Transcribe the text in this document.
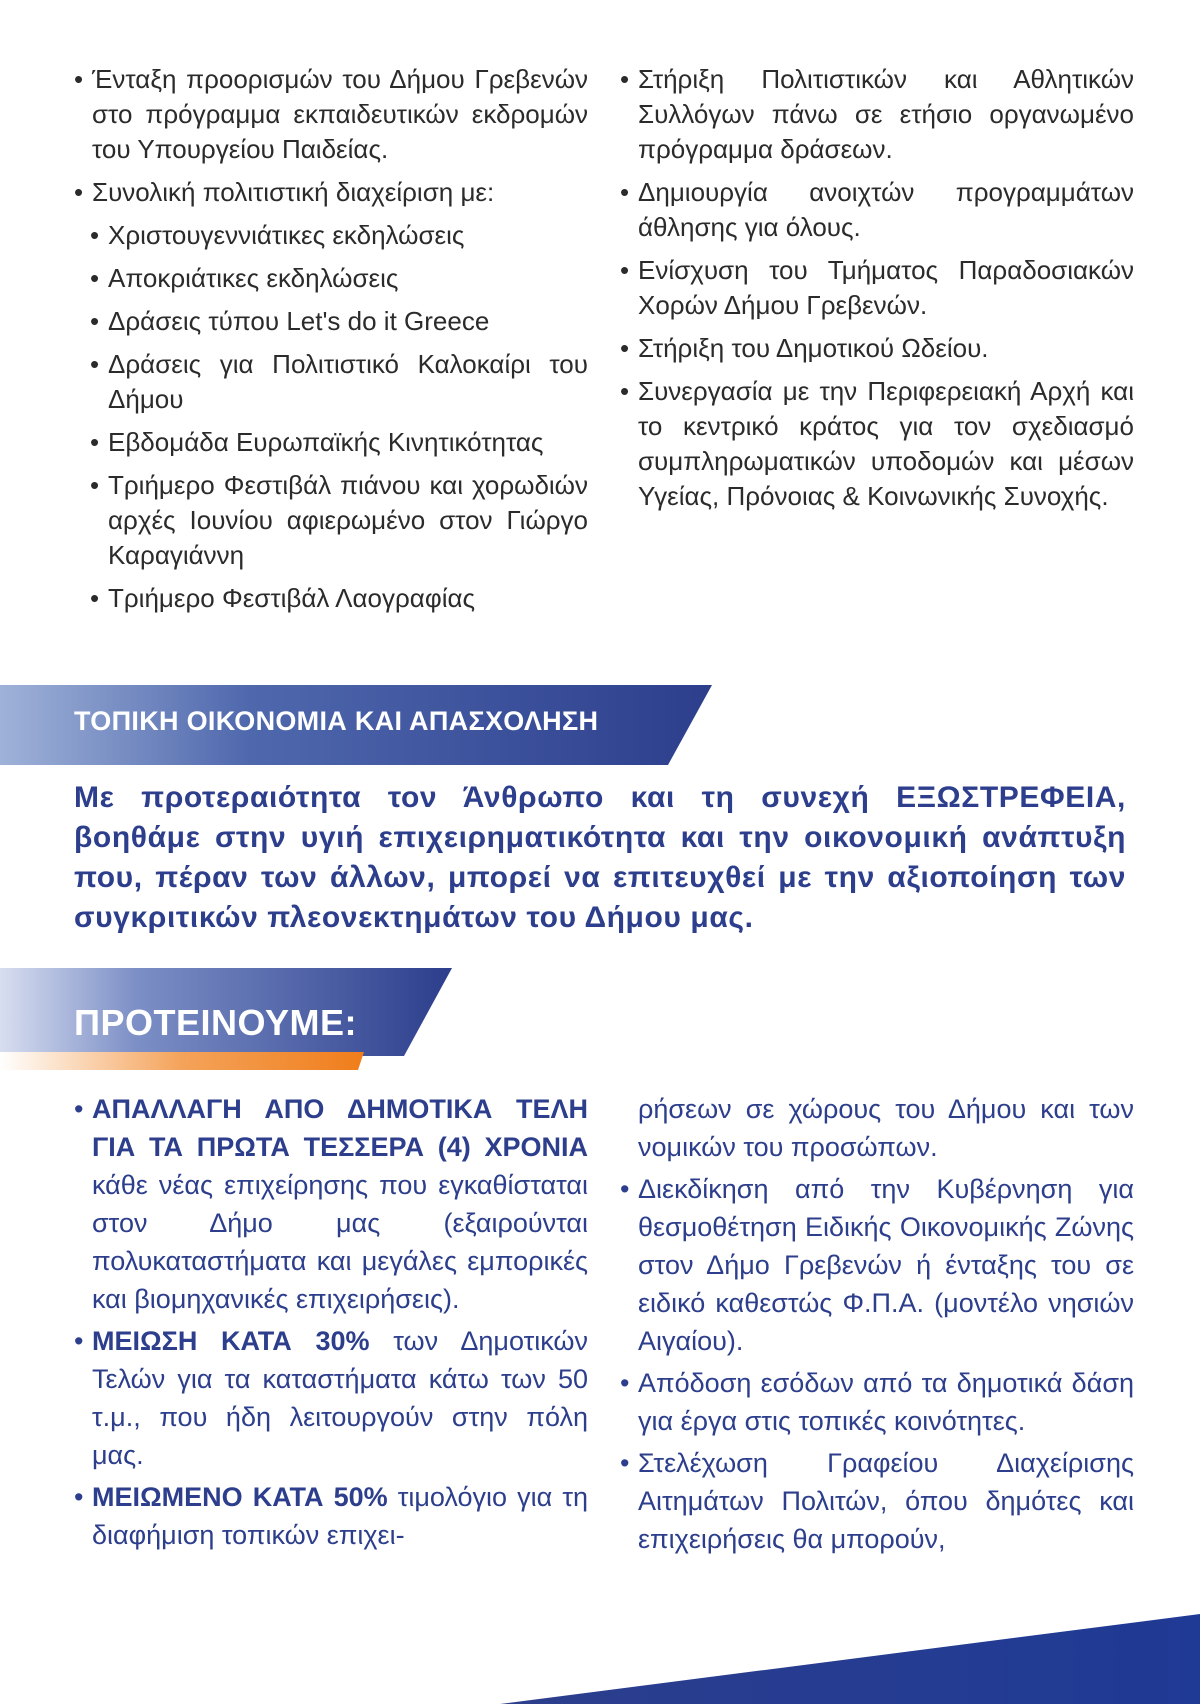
• Ένταξη προορισμών του Δήμου Γρεβενών στο πρόγραμμα εκπαιδευτικών εκδρομών του Υπουργείου Παιδείας.
• Συνολική πολιτιστική διαχείριση με:
• Χριστουγεννιάτικες εκδηλώσεις
• Αποκριάτικες εκδηλώσεις
• Δράσεις τύπου Let's do it Greece
• Δράσεις για Πολιτιστικό Καλοκαίρι του Δήμου
• Εβδομάδα Ευρωπαϊκής Κινητικότητας
• Τριήμερο Φεστιβάλ πιάνου και χορωδιών αρχές Ιουνίου αφιερωμένο στον Γιώργο Καραγιάννη
• Τριήμερο Φεστιβάλ Λαογραφίας
• Στήριξη Πολιτιστικών και Αθλητικών Συλλόγων πάνω σε ετήσιο οργανωμένο πρόγραμμα δράσεων.
• Δημιουργία ανοιχτών προγραμμάτων άθλησης για όλους.
• Ενίσχυση του Τμήματος Παραδοσιακών Χορών Δήμου Γρεβενών.
• Στήριξη του Δημοτικού Ωδείου.
• Συνεργασία με την Περιφερειακή Αρχή και το κεντρικό κράτος για τον σχεδιασμό συμπληρωματικών υποδομών και μέσων Υγείας, Πρόνοιας & Κοινωνικής Συνοχής.
ΤΟΠΙΚΗ ΟΙΚΟΝΟΜΙΑ ΚΑΙ ΑΠΑΣΧΟΛΗΣΗ
Με προτεραιότητα τον Άνθρωπο και τη συνεχή ΕΞΩΣΤΡΕΦΕΙΑ, βοηθάμε στην υγιή επιχειρηματικότητα και την οικονομική ανάπτυξη που, πέραν των άλλων, μπορεί να επιτευχθεί με την αξιοποίηση των συγκριτικών πλεονεκτημάτων του Δήμου μας.
ΠΡΟΤΕΙΝΟΥΜΕ:
• ΑΠΑΛΛΑΓΗ ΑΠΟ ΔΗΜΟΤΙΚΑ ΤΕΛΗ ΓΙΑ ΤΑ ΠΡΩΤΑ ΤΕΣΣΕΡΑ (4) ΧΡΟΝΙΑ κάθε νέας επιχείρησης που εγκαθίσταται στον Δήμο μας (εξαιρούνται πολυκαταστήματα και μεγάλες εμπορικές και βιομηχανικές επιχειρήσεις).
• ΜΕΙΩΣΗ ΚΑΤΑ 30% των Δημοτικών Τελών για τα καταστήματα κάτω των 50 τ.μ., που ήδη λειτουργούν στην πόλη μας.
• ΜΕΙΩΜΕΝΟ ΚΑΤΑ 50% τιμολόγιο για τη διαφήμιση τοπικών επιχει-
ρήσεων σε χώρους του Δήμου και των νομικών του προσώπων.
• Διεκδίκηση από την Κυβέρνηση για θεσμοθέτηση Ειδικής Οικονομικής Ζώνης στον Δήμο Γρεβενών ή ένταξης του σε ειδικό καθεστώς Φ.Π.Α. (μοντέλο νησιών Αιγαίου).
• Απόδοση εσόδων από τα δημοτικά δάση για έργα στις τοπικές κοινότητες.
• Στελέχωση Γραφείου Διαχείρισης Αιτημάτων Πολιτών, όπου δημότες και επιχειρήσεις θα μπορούν,
